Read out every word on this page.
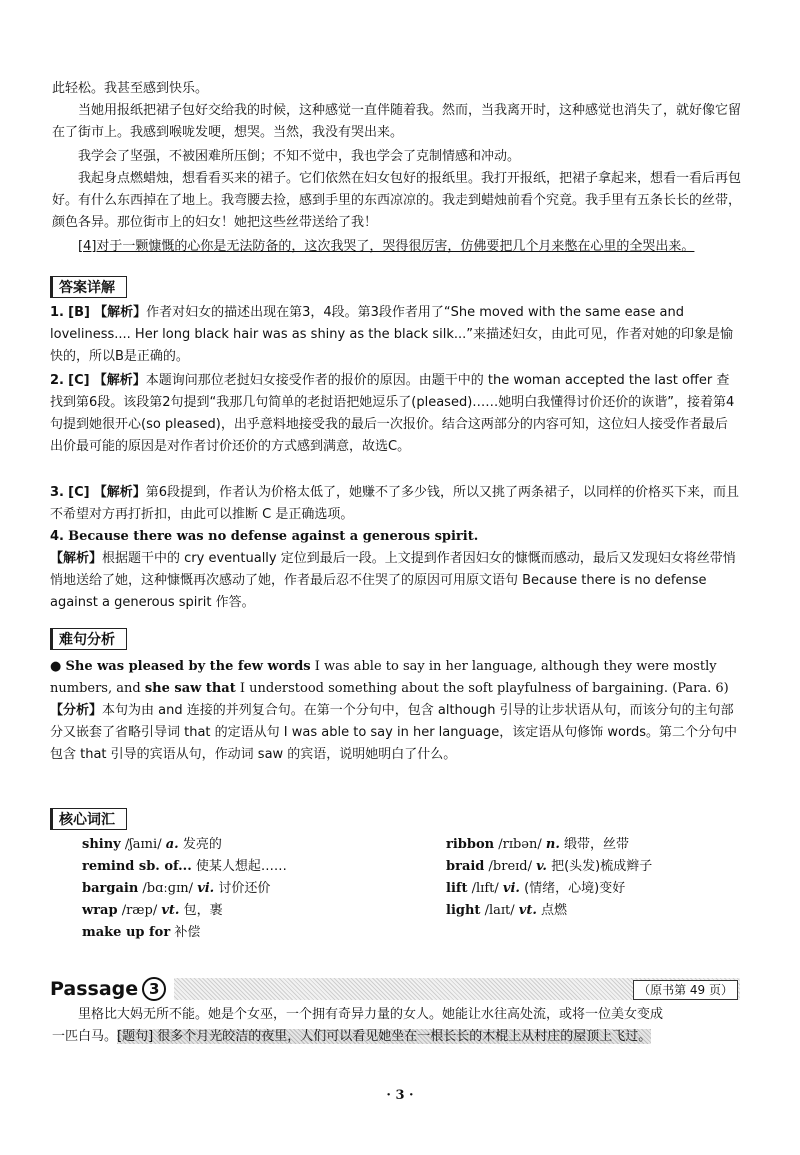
此轻松。我甚至感到快乐。

当她用报纸把裙子包好交给我的时候，这种感觉一直伴随着我。然而，当我离开时，这种感觉也消失了，就好像它留在了街市上。我感到喉咙发哽，想哭。当然，我没有哭出来。

我学会了坚强，不被困难所压倒；不知不觉中，我也学会了克制情感和冲动。

我起身点燃蜡烛，想看看买来的裙子。它们依然在妇女包好的报纸里。我打开报纸，把裙子拿起来，想看一看后再包好。有什么东西掉在了地上。我弯腰去捡，感到手里的东西凉凉的。我走到蜡烛前看个究竟。我手里有五条长长的丝带，颜色各异。那位街市上的妇女！她把这些丝带送给了我！

[4]对于一颗慷慨的心你是无法防备的，这次我哭了，哭得很厉害，仿佛要把几个月来憋在心里的全哭出来。

答案详解
1. [B] 【解析】作者对妇女的描述出现在第3，4段。第3段作者用了“She moved with the same ease and loveliness.... Her long black hair was as shiny as the black silk...”来描述妇女，由此可见，作者对她的印象是愉快的，所以B是正确的。
2. [C] 【解析】本题询问那位老挝妇女接受作者的报价的原因。由题干中的 the woman accepted the last offer 查找到第6段。该段第2句提到“我那几句简单的老挝语把她逗乐了(pleased)……她明白我懂得讨价还价的诙谐”，接着第4句提到她很开心(so pleased)，出乎意料地接受我的最后一次报价。结合这两部分的内容可知，这位妇人接受作者最后出价最可能的原因是对作者讨价还价的方式感到满意，故选C。
3. [C] 【解析】第6段提到，作者认为价格太低了，她赚不了多少钱，所以又挑了两条裙子，以同样的价格买下来，而且不希望对方再打折扣，由此可以推断 C 是正确选项。
4. Because there was no defense against a generous spirit.
【解析】根据题干中的 cry eventually 定位到最后一段。上文提到作者因妇女的慷慨而感动，最后又发现妇女将丝带悄悄地送给了她，这种慷慨再次感动了她，作者最后忍不住哭了的原因可用原文语句 Because there is no defense against a generous spirit 作答。
难句分析
● She was pleased by the few words I was able to say in her language, although they were mostly numbers, and she saw that I understood something about the soft playfulness of bargaining. (Para. 6)
【分析】本句为由 and 连接的并列复合句。在第一个分句中，包含 although 引导的让步状语从句，而该分句的主句部分又嵌套了省略引导词 that 的定语从句 I was able to say in her language，该定语从句修饰 words。第二个分句中包含 that 引导的宾语从句，作动词 saw 的宾语，说明她明白了什么。
核心词汇
shiny /ʃaɪni/ a. 发亮的
remind sb. of... 使某人想起……
bargain /bɑːɡɪn/ vi. 讨价还价
wrap /ræp/ vt. 包，裹
make up for 补偿
ribbon /rɪbən/ n. 缎带，丝带
braid /breɪd/ v. 把(头发)梳成辫子
lift /lɪft/ vi. (情绪，心境)变好
light /laɪt/ vt. 点燃
Passage 3	（原书第 49 页）

里格比大妈无所不能。她是个女巫，一个拥有奇异力量的女人。她能让水往高处流，或将一位美女变成

一匹白马。[题句] 很多个月光皎洁的夜里，人们可以看见她坐在一根长长的木棍上从村庄的屋顶上飞过。

· 3 ·
